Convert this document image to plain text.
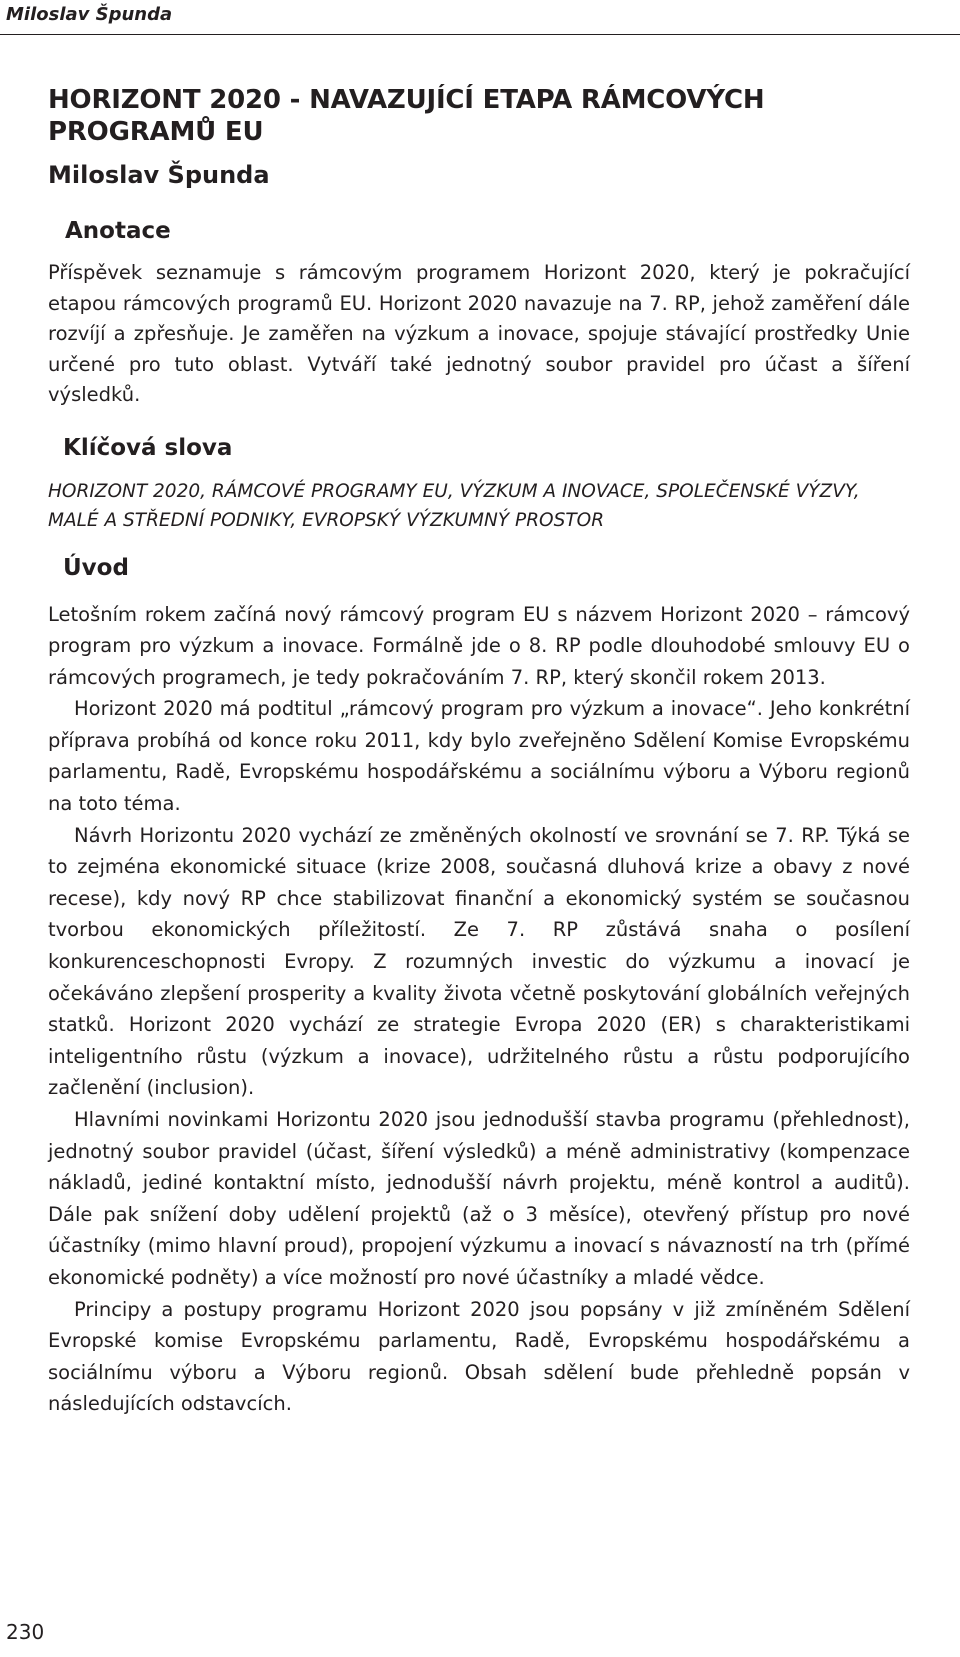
Miloslav Špunda
HORIZONT 2020 - NAVAZUJÍCÍ ETAPA RÁMCOVÝCH PROGRAMŮ EU
Miloslav Špunda
Anotace

Příspěvek seznamuje s rámcovým programem Horizont 2020, který je pokračující etapou rámcových programů EU. Horizont 2020 navazuje na 7. RP, jehož zaměření dále rozvíjí a zpřesňuje. Je zaměřen na výzkum a inovace, spojuje stávající prostředky Unie určené pro tuto oblast. Vytváří také jednotný soubor pravidel pro účast a šíření výsledků.

Klíčová slova

HORIZONT 2020, RÁMCOVÉ PROGRAMY EU, VÝZKUM A INOVACE, SPOLEČENSKÉ VÝZVY, MALÉ A STŘEDNÍ PODNIKY, EVROPSKÝ VÝZKUMNÝ PROSTOR

Úvod

Letošním rokem začíná nový rámcový program EU s názvem Horizont 2020 – rámcový program pro výzkum a inovace. Formálně jde o 8. RP podle dlouhodobé smlouvy EU o rámcových programech, je tedy pokračováním 7. RP, který skončil rokem 2013.

Horizont 2020 má podtitul „rámcový program pro výzkum a inovace“. Jeho konkrétní příprava probíhá od konce roku 2011, kdy bylo zveřejněno Sdělení Komise Evropskému parlamentu, Radě, Evropskému hospodářskému a sociálnímu výboru a Výboru regionů na toto téma.

Návrh Horizontu 2020 vychází ze změněných okolností ve srovnání se 7. RP. Týká se to zejména ekonomické situace (krize 2008, současná dluhová krize a obavy z nové recese), kdy nový RP chce stabilizovat finanční a ekonomický systém se současnou tvorbou ekonomických příležitostí. Ze 7. RP zůstává snaha o posílení konkurenceschopnosti Evropy. Z rozumných investic do výzkumu a inovací je očekáváno zlepšení prosperity a kvality života včetně poskytování globálních veřejných statků. Horizont 2020 vychází ze strategie Evropa 2020 (ER) s charakteristikami inteligentního růstu (výzkum a inovace), udržitelného růstu a růstu podporujícího začlenění (inclusion).

Hlavními novinkami Horizontu 2020 jsou jednodušší stavba programu (přehlednost), jednotný soubor pravidel (účast, šíření výsledků) a méně administrativy (kompenzace nákladů, jediné kontaktní místo, jednodušší návrh projektu, méně kontrol a auditů). Dále pak snížení doby udělení projektů (až o 3 měsíce), otevřený přístup pro nové účastníky (mimo hlavní proud), propojení výzkumu a inovací s návazností na trh (přímé ekonomické podněty) a více možností pro nové účastníky a mladé vědce.

Principy a postupy programu Horizont 2020 jsou popsány v již zmíněném Sdělení Evropské komise Evropskému parlamentu, Radě, Evropskému hospodářskému a sociálnímu výboru a Výboru regionů. Obsah sdělení bude přehledně popsán v následujících odstavcích.

230
